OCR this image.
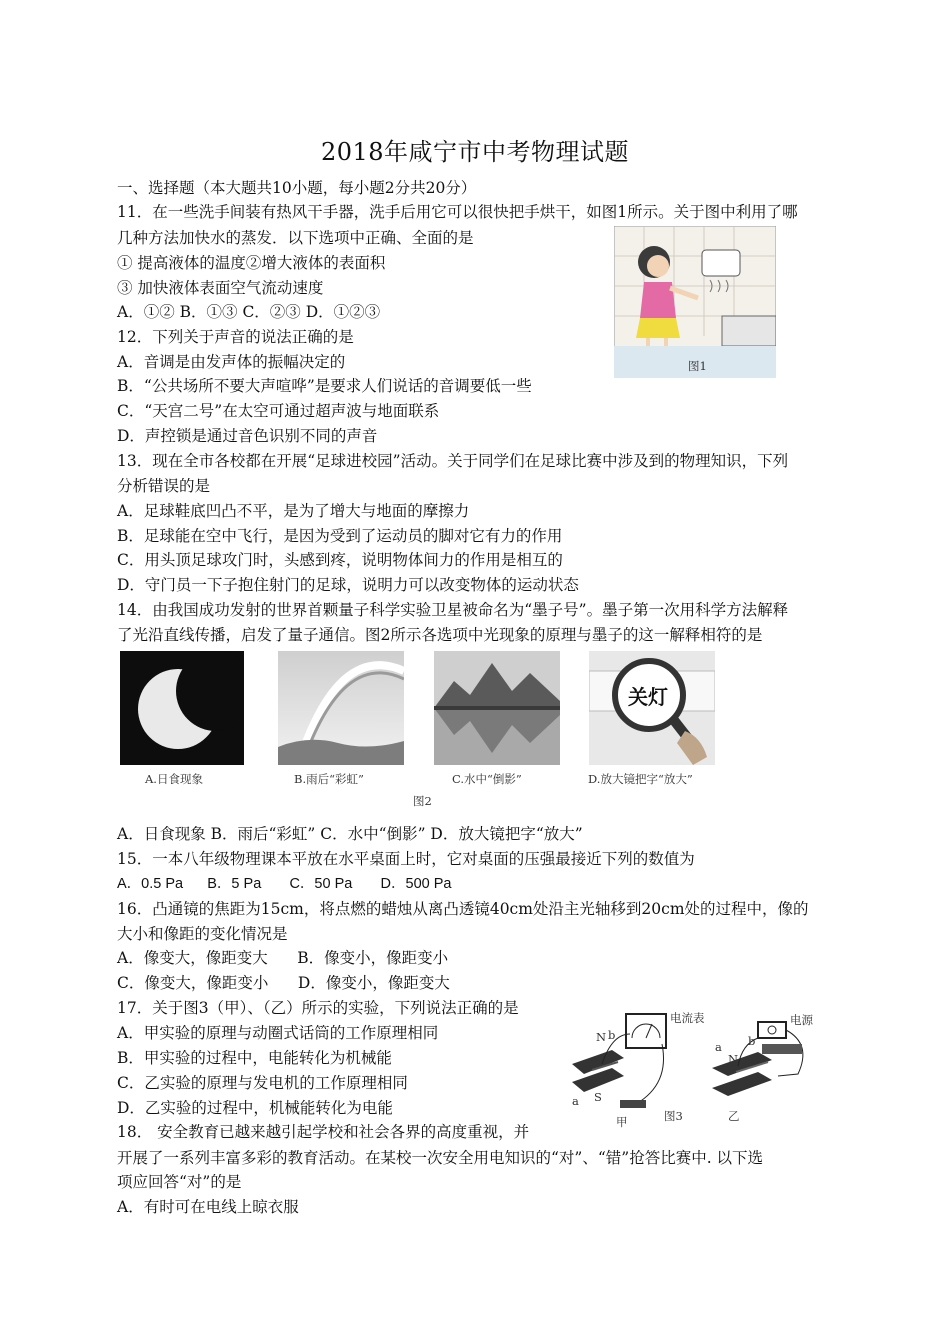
2018年咸宁市中考物理试题
一、选择题（本大题共10小题，每小题2分共20分）
11．在一些洗手间装有热风干手器，洗手后用它可以很快把手烘干，如图1所示。关于图中利用了哪
几种方法加快水的蒸发．以下选项中正确、全面的是
① 提高液体的温度②增大液体的表面积
③ 加快液体表面空气流动速度
A．①② B．①③ C．②③ D．①②③
图1
12．下列关于声音的说法正确的是
A．音调是由发声体的振幅决定的
B．“公共场所不要大声喧哗”是要求人们说话的音调要低一些
C．“天宫二号”在太空可通过超声波与地面联系
D．声控锁是通过音色识别不同的声音
13．现在全市各校都在开展“足球进校园”活动。关于同学们在足球比赛中涉及到的物理知识，下列
分析错误的是
A．足球鞋底凹凸不平，是为了增大与地面的摩擦力
B．足球能在空中飞行，是因为受到了运动员的脚对它有力的作用
C．用头顶足球攻门时，头感到疼，说明物体间力的作用是相互的
D．守门员一下子抱住射门的足球，说明力可以改变物体的运动状态
14．由我国成功发射的世界首颗量子科学实验卫星被命名为“墨子号”。墨子第一次用科学方法解释
了光沿直线传播，启发了量子通信。图2所示各选项中光现象的原理与墨子的这一解释相符的是
关灯
A.日食现象	B.雨后“彩虹”	C.水中“倒影”	D.放大镜把字“放大”
图2
A．日食现象 B．雨后“彩虹” C．水中“倒影” D．放大镜把字“放大”
15．一本八年级物理课本平放在水平桌面上时，它对桌面的压强最接近下列的数值为
A．0.5 Pa      B．5 Pa       C．50 Pa       D．500 Pa
16．凸通镜的焦距为15cm，将点燃的蜡烛从离凸透镜40cm处沿主光轴移到20cm处的过程中，像的
大小和像距的变化情况是
A．像变大，像距变大      B．像变小，像距变小
C．像变大，像距变小      D．像变小，像距变大
17．关于图3（甲）、（乙）所示的实验，下列说法正确的是
A．甲实验的原理与动圈式话筒的工作原理相同
B．甲实验的过程中，电能转化为机械能
C．乙实验的原理与发电机的工作原理相同
D．乙实验的过程中，机械能转化为电能
电流表	电源
N b
a S
a
N
b
甲	乙
图3
18． 安全教育已越来越引起学校和社会各界的高度重视，并
开展了一系列丰富多彩的教育活动。在某校一次安全用电知识的“对”、“错”抢答比赛中. 以下选
项应回答“对”的是
A．有时可在电线上晾衣服
